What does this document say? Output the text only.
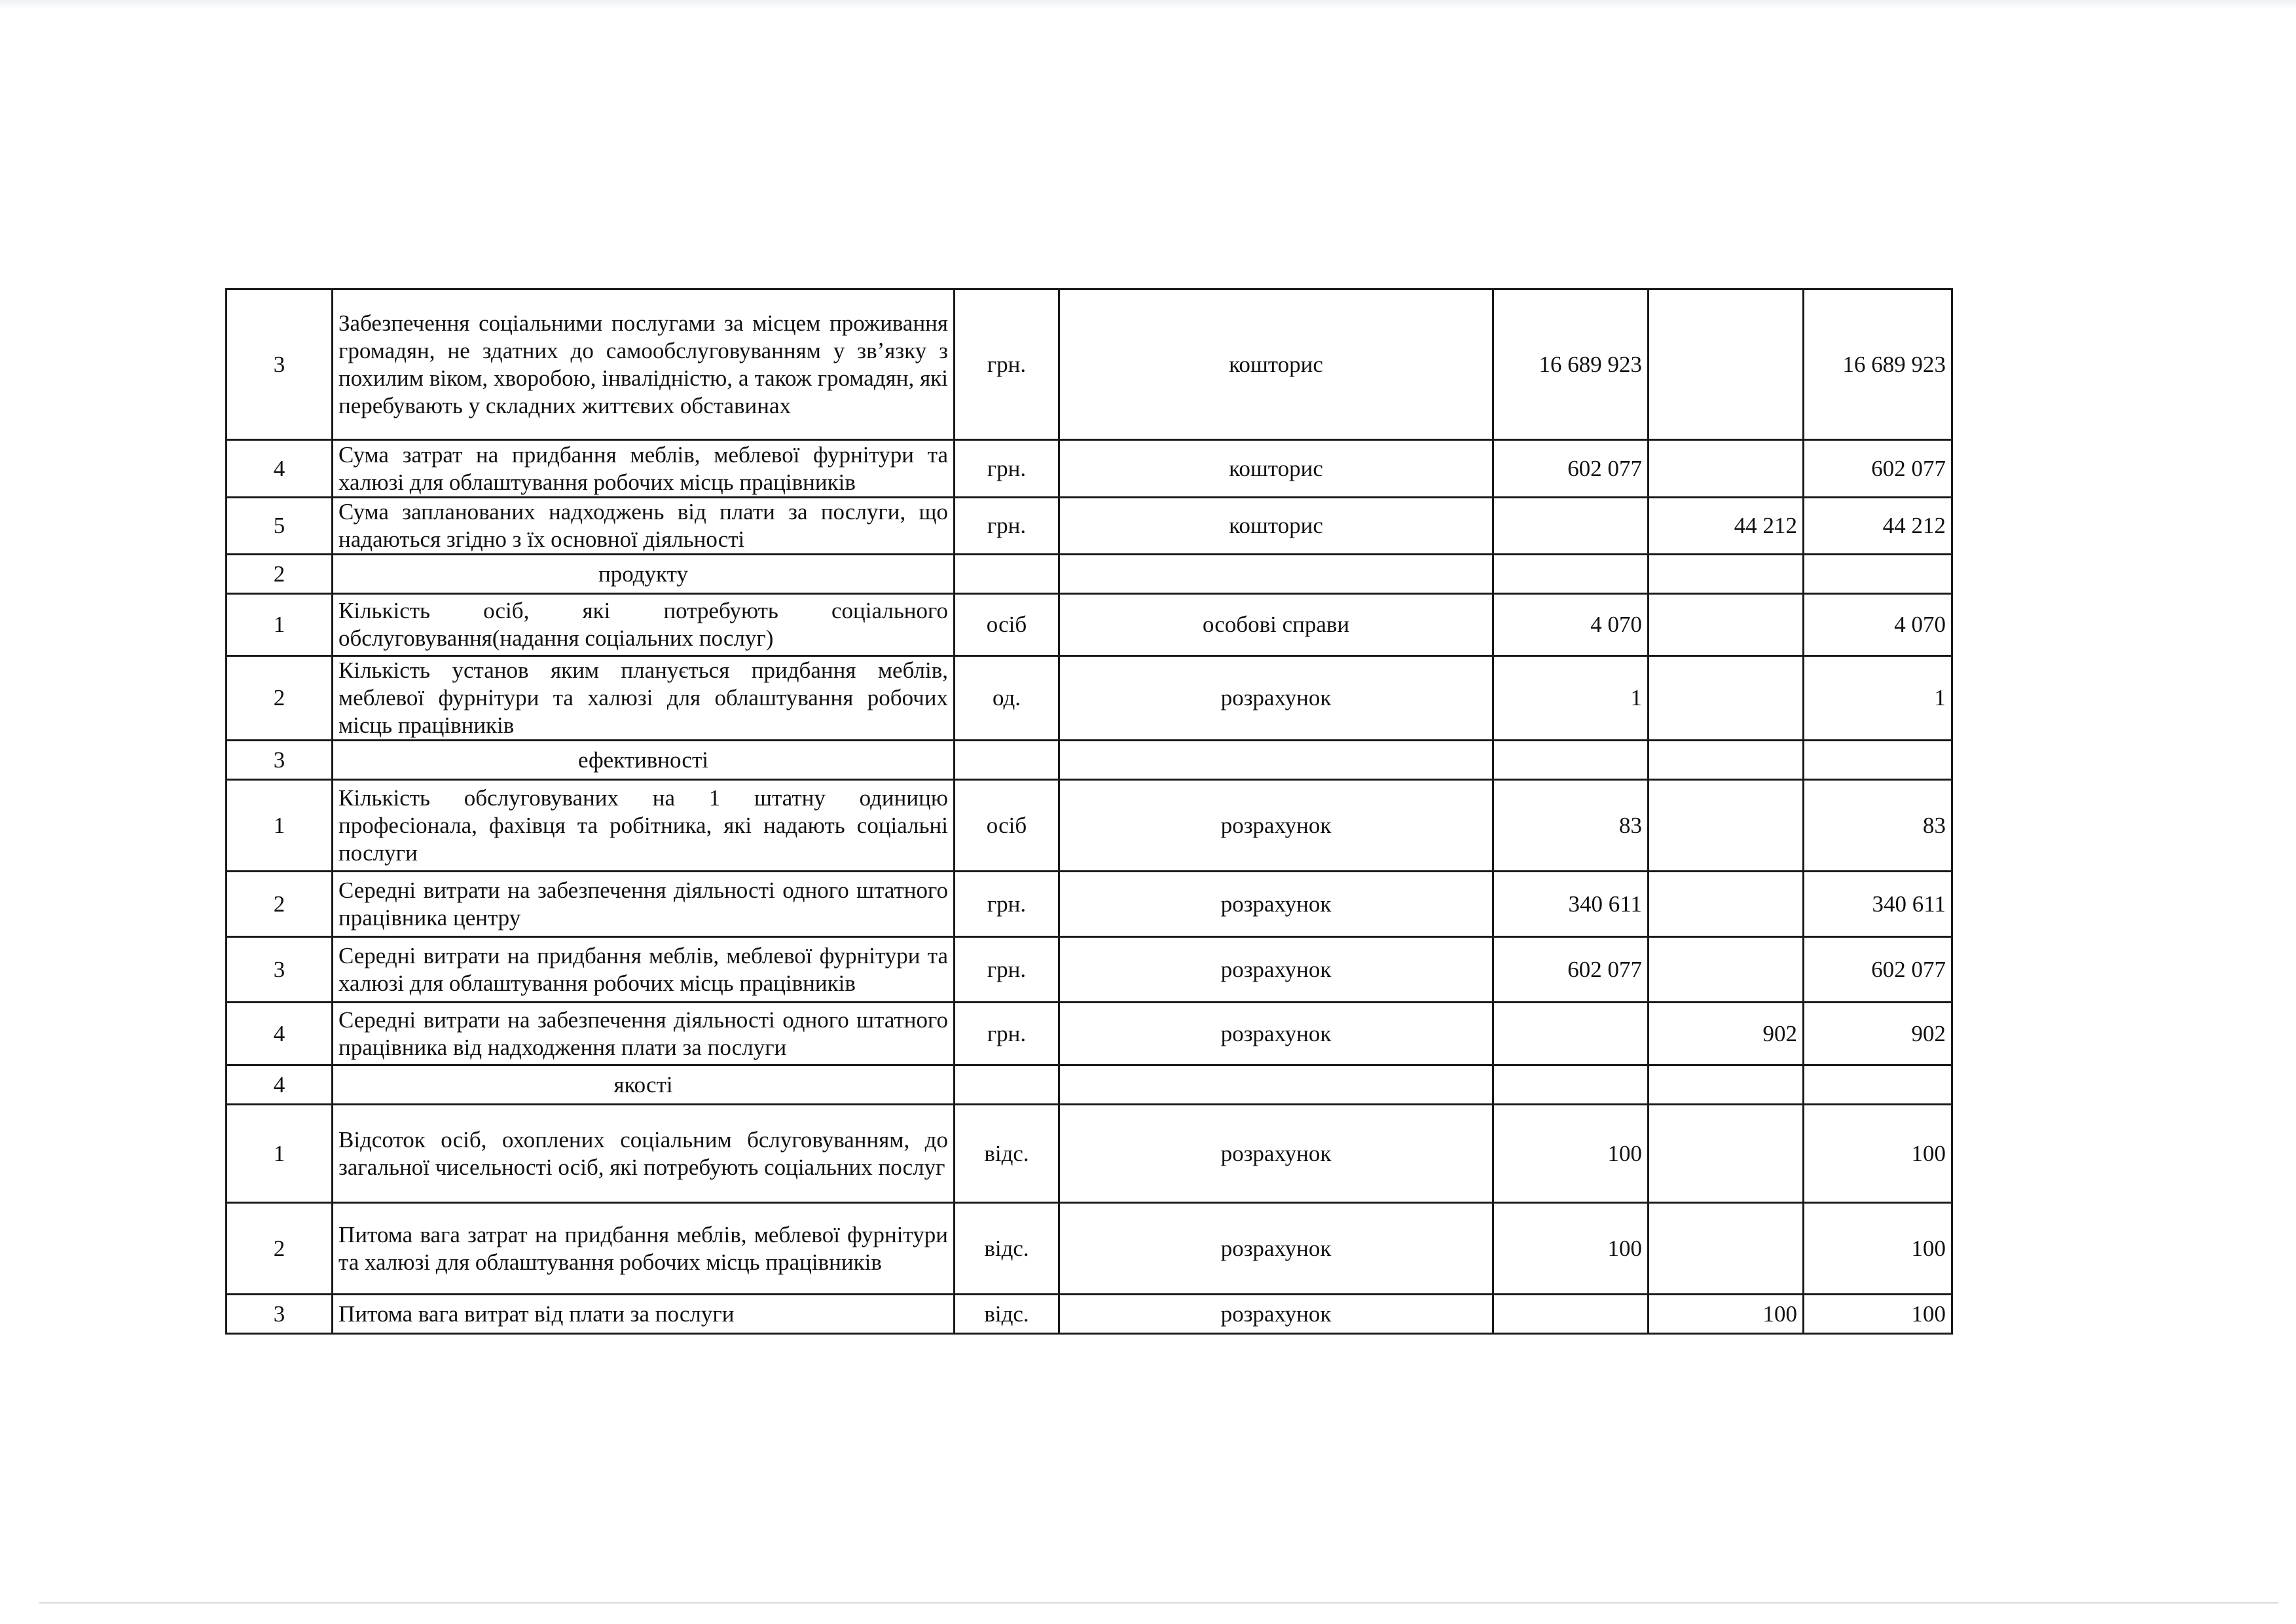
3	Забезпечення соціальними послугами за місцем проживання громадян, не здатних до самообслуговуванням у зв’язку з похилим віком, хворобою, інвалідністю, а також громадян, які перебувають у складних життєвих обставинах	грн.	кошторис	16 689 923		16 689 923
4	Сума затрат на придбання меблів, меблевої фурнітури та халюзі для облаштування робочих місць працівників	грн.	кошторис	602 077		602 077
5	Сума запланованих надходжень від плати за послуги, що надаються згідно з їх основної діяльності	грн.	кошторис		44 212	44 212
2	продукту					
1	Кількість осіб, які потребують соціального обслуговування(надання соціальних послуг)	осіб	особові справи	4 070		4 070
2	Кількість установ яким планується придбання меблів, меблевої фурнітури та халюзі для облаштування робочих місць працівників	од.	розрахунок	1		1
3	ефективності					
1	Кількість обслуговуваних на 1 штатну одиницю професіонала, фахівця та робітника, які надають соціальні послуги	осіб	розрахунок	83		83
2	Середні витрати на забезпечення діяльності одного штатного працівника центру	грн.	розрахунок	340 611		340 611
3	Середні витрати на придбання меблів, меблевої фурнітури та халюзі для облаштування робочих місць працівників	грн.	розрахунок	602 077		602 077
4	Середні витрати на забезпечення діяльності одного штатного працівника від надходження плати за послуги	грн.	розрахунок		902	902
4	якості					
1	Відсоток осіб, охоплених соціальним бслуговуванням, до загальної чисельності осіб, які потребують соціальних послуг	відс.	розрахунок	100		100
2	Питома вага затрат на придбання меблів, меблевої фурнітури та халюзі для облаштування робочих місць працівників	відс.	розрахунок	100		100
3	Питома вага витрат від плати за послуги	відс.	розрахунок		100	100
